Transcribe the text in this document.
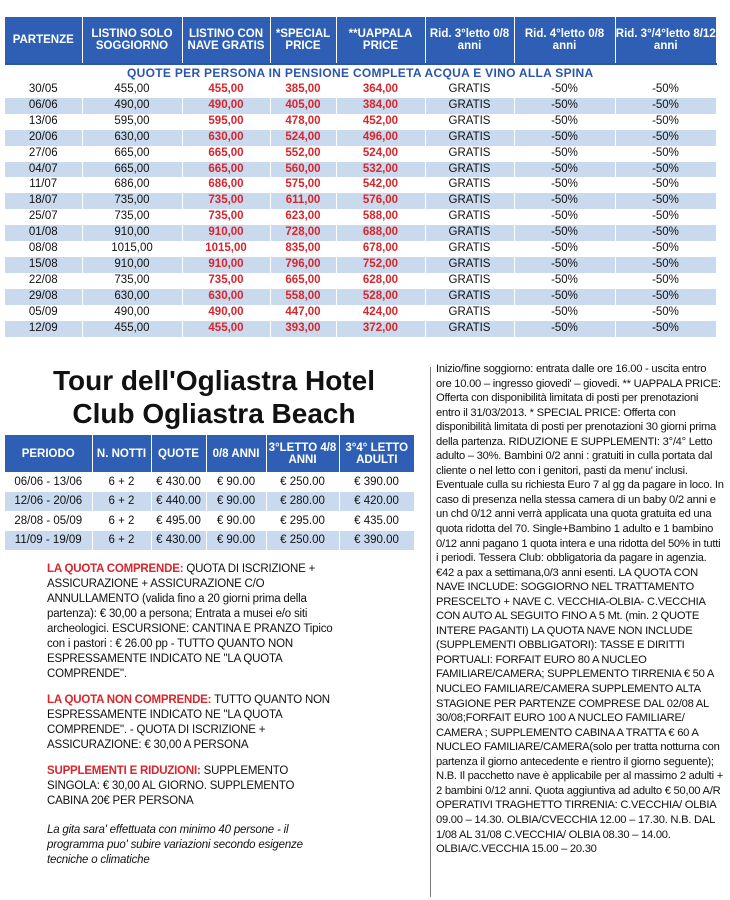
QUOTE PER PERSONA IN PENSIONE COMPLETA ACQUA E VINO ALLA SPINA							
PARTENZE	LISTINO SOLO SOGGIORNO	LISTINO CON NAVE GRATIS	*SPECIAL PRICE	**UAPPALA PRICE	Rid. 3°letto 0/8 anni	Rid. 4°letto 0/8 anni	Rid. 3°/4°letto 8/12 anni
30/05	455,00	455,00	385,00	364,00	GRATIS	-50%	-50%
06/06	490,00	490,00	405,00	384,00	GRATIS	-50%	-50%
13/06	595,00	595,00	478,00	452,00	GRATIS	-50%	-50%
20/06	630,00	630,00	524,00	496,00	GRATIS	-50%	-50%
27/06	665,00	665,00	552,00	524,00	GRATIS	-50%	-50%
04/07	665,00	665,00	560,00	532,00	GRATIS	-50%	-50%
11/07	686,00	686,00	575,00	542,00	GRATIS	-50%	-50%
18/07	735,00	735,00	611,00	576,00	GRATIS	-50%	-50%
25/07	735,00	735,00	623,00	588,00	GRATIS	-50%	-50%
01/08	910,00	910,00	728,00	688,00	GRATIS	-50%	-50%
08/08	1015,00	1015,00	835,00	678,00	GRATIS	-50%	-50%
15/08	910,00	910,00	796,00	752,00	GRATIS	-50%	-50%
22/08	735,00	735,00	665,00	628,00	GRATIS	-50%	-50%
29/08	630,00	630,00	558,00	528,00	GRATIS	-50%	-50%
05/09	490,00	490,00	447,00	424,00	GRATIS	-50%	-50%
12/09	455,00	455,00	393,00	372,00	GRATIS	-50%	-50%
Tour dell'Ogliastra Hotel
Club Ogliastra Beach
PERIODO	N. NOTTI	QUOTE	0/8 ANNI	3°LETTO 4/8 ANNI	3°4° LETTO ADULTI
06/06 - 13/06	6 + 2	€ 430.00	€ 90.00	€ 250.00	€ 390.00
12/06 - 20/06	6 + 2	€ 440.00	€ 90.00	€ 280.00	€ 420.00
28/08 - 05/09	6 + 2	€ 495.00	€ 90.00	€ 295.00	€ 435.00
11/09 - 19/09	6 + 2	€ 430.00	€ 90.00	€ 250.00	€ 390.00

LA QUOTA COMPRENDE: QUOTA DI ISCRIZIONE + ASSICURAZIONE + ASSICURAZIONE C/O ANNULLAMENTO (valida fino a 20 giorni prima della partenza): € 30,00 a persona; Entrata a musei e/o siti archeologici. ESCURSIONE: CANTINA E PRANZO Tipico con i pastori : € 26.00 pp - TUTTO QUANTO NON ESPRESSAMENTE INDICATO NE "LA QUOTA COMPRENDE".

LA QUOTA NON COMPRENDE: TUTTO QUANTO NON ESPRESSAMENTE INDICATO NE "LA QUOTA COMPRENDE". - QUOTA DI ISCRIZIONE + ASSICURAZIONE: € 30,00 A PERSONA

SUPPLEMENTI E RIDUZIONI: SUPPLEMENTO SINGOLA: € 30,00 AL GIORNO. SUPPLEMENTO CABINA 20€ PER PERSONA

La gita sara' effettuata con minimo 40 persone - il programma puo' subire variazioni secondo esigenze tecniche o climatiche

Inizio/fine soggiorno: entrata dalle ore 16.00 - uscita entro ore 10.00 – ingresso giovedi' – giovedi. ** UAPPALA PRICE: Offerta con disponibilità limitata di posti per prenotazioni entro il 31/03/2013. * SPECIAL PRICE: Offerta con disponibilità limitata di posti per prenotazioni 30 giorni prima della partenza. RIDUZIONE E SUPPLEMENTI: 3°/4° Letto adulto – 30%. Bambini 0/2 anni : gratuiti in culla portata dal cliente o nel letto con i genitori, pasti da menu' inclusi. Eventuale culla su richiesta Euro 7 al gg da pagare in loco. In caso di presenza nella stessa camera di un baby 0/2 anni e un chd 0/12 anni verrà applicata una quota gratuita ed una quota ridotta del 70. Single+Bambino 1 adulto e 1 bambino 0/12 anni pagano 1 quota intera e una ridotta del 50% in tutti i periodi. Tessera Club: obbligatoria da pagare in agenzia. €42 a pax a settimana,0/3 anni esenti. LA QUOTA CON NAVE INCLUDE: SOGGIORNO NEL TRATTAMENTO PRESCELTO + NAVE C. VECCHIA-OLBIA- C.VECCHIA CON AUTO AL SEGUITO FINO A 5 Mt. (min. 2 QUOTE INTERE PAGANTI) LA QUOTA NAVE NON INCLUDE (SUPPLEMENTI OBBLIGATORI): TASSE E DIRITTI PORTUALI: FORFAIT EURO 80 A NUCLEO FAMILIARE/CAMERA; SUPPLEMENTO TIRRENIA € 50 A NUCLEO FAMILIARE/CAMERA SUPPLEMENTO ALTA STAGIONE PER PARTENZE COMPRESE DAL 02/08 AL 30/08;FORFAIT EURO 100 A NUCLEO FAMILIARE/ CAMERA ; SUPPLEMENTO CABINA A TRATTA € 60 A NUCLEO FAMILIARE/CAMERA(solo per tratta notturna con partenza il giorno antecedente e rientro il giorno seguente); N.B. Il pacchetto nave è applicabile per al massimo 2 adulti + 2 bambini 0/12 anni. Quota aggiuntiva ad adulto € 50,00 A/R OPERATIVI TRAGHETTO TIRRENIA: C.VECCHIA/ OLBIA 09.00 – 14.30. OLBIA/CVECCHIA 12.00 – 17.30. N.B. DAL 1/08 AL 31/08 C.VECCHIA/ OLBIA 08.30 – 14.00. OLBIA/C.VECCHIA 15.00 – 20.30
